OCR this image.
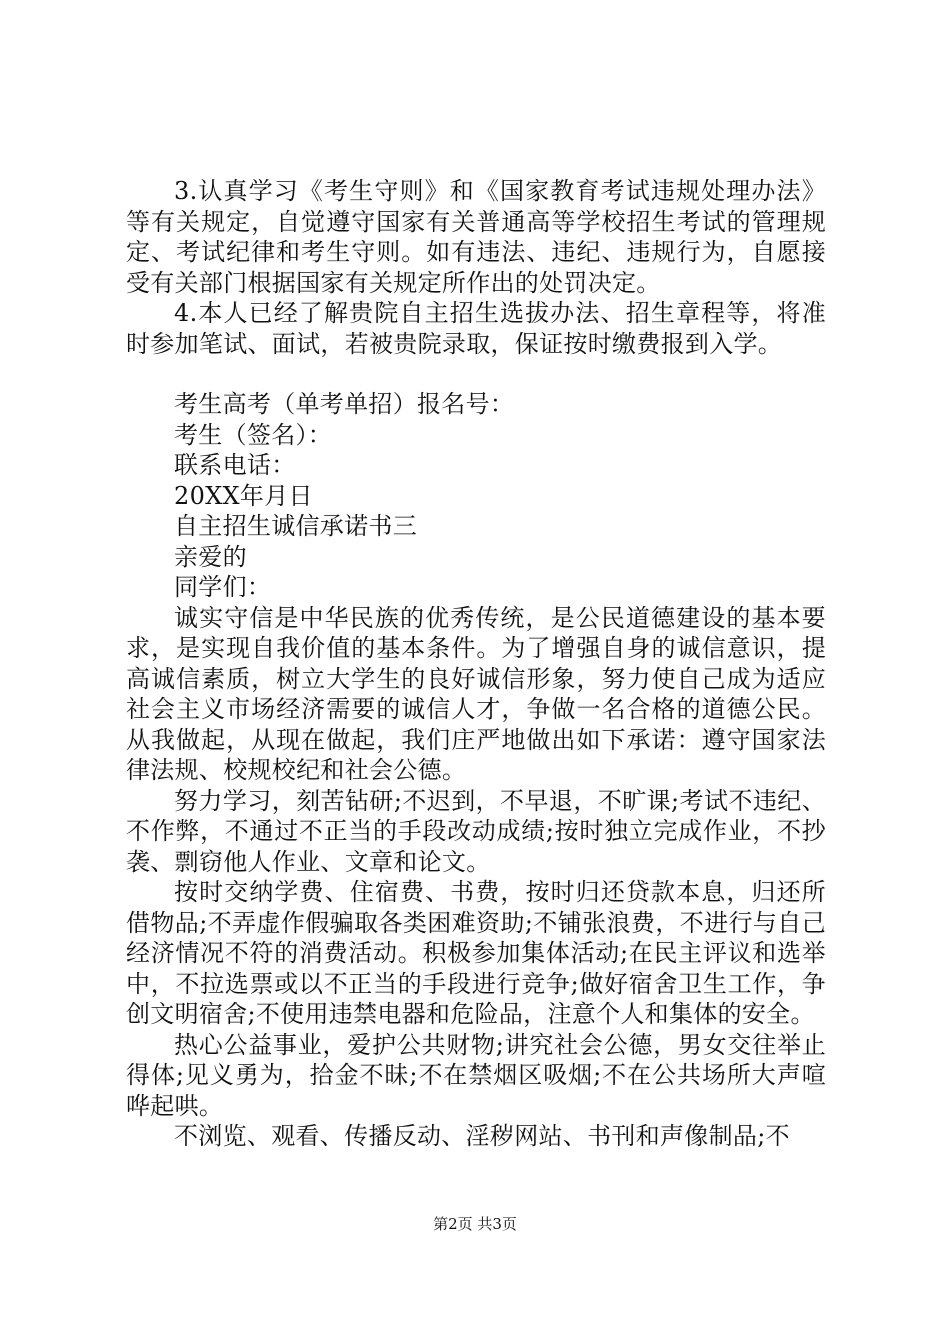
3.认真学习《考生守则》和《国家教育考试违规处理办法》等有关规定，自觉遵守国家有关普通高等学校招生考试的管理规定、考试纪律和考生守则。如有违法、违纪、违规行为，自愿接受有关部门根据国家有关规定所作出的处罚决定。

4.本人已经了解贵院自主招生选拔办法、招生章程等，将准时参加笔试、面试，若被贵院录取，保证按时缴费报到入学。

考生高考（单考单招）报名号：

考生（签名）：

联系电话：

20XX年月日

自主招生诚信承诺书三

亲爱的

同学们：

诚实守信是中华民族的优秀传统，是公民道德建设的基本要求，是实现自我价值的基本条件。为了增强自身的诚信意识，提高诚信素质，树立大学生的良好诚信形象，努力使自己成为适应社会主义市场经济需要的诚信人才，争做一名合格的道德公民。从我做起，从现在做起，我们庄严地做出如下承诺：遵守国家法律法规、校规校纪和社会公德。

努力学习，刻苦钻研;不迟到，不早退，不旷课;考试不违纪、不作弊，不通过不正当的手段改动成绩;按时独立完成作业，不抄袭、剽窃他人作业、文章和论文。

按时交纳学费、住宿费、书费，按时归还贷款本息，归还所借物品;不弄虚作假骗取各类困难资助;不铺张浪费，不进行与自己经济情况不符的消费活动。积极参加集体活动;在民主评议和选举中，不拉选票或以不正当的手段进行竞争;做好宿舍卫生工作，争创文明宿舍;不使用违禁电器和危险品，注意个人和集体的安全。

热心公益事业，爱护公共财物;讲究社会公德，男女交往举止得体;见义勇为，拾金不昧;不在禁烟区吸烟;不在公共场所大声喧哗起哄。

不浏览、观看、传播反动、淫秽网站、书刊和声像制品;不

第2页 共3页
